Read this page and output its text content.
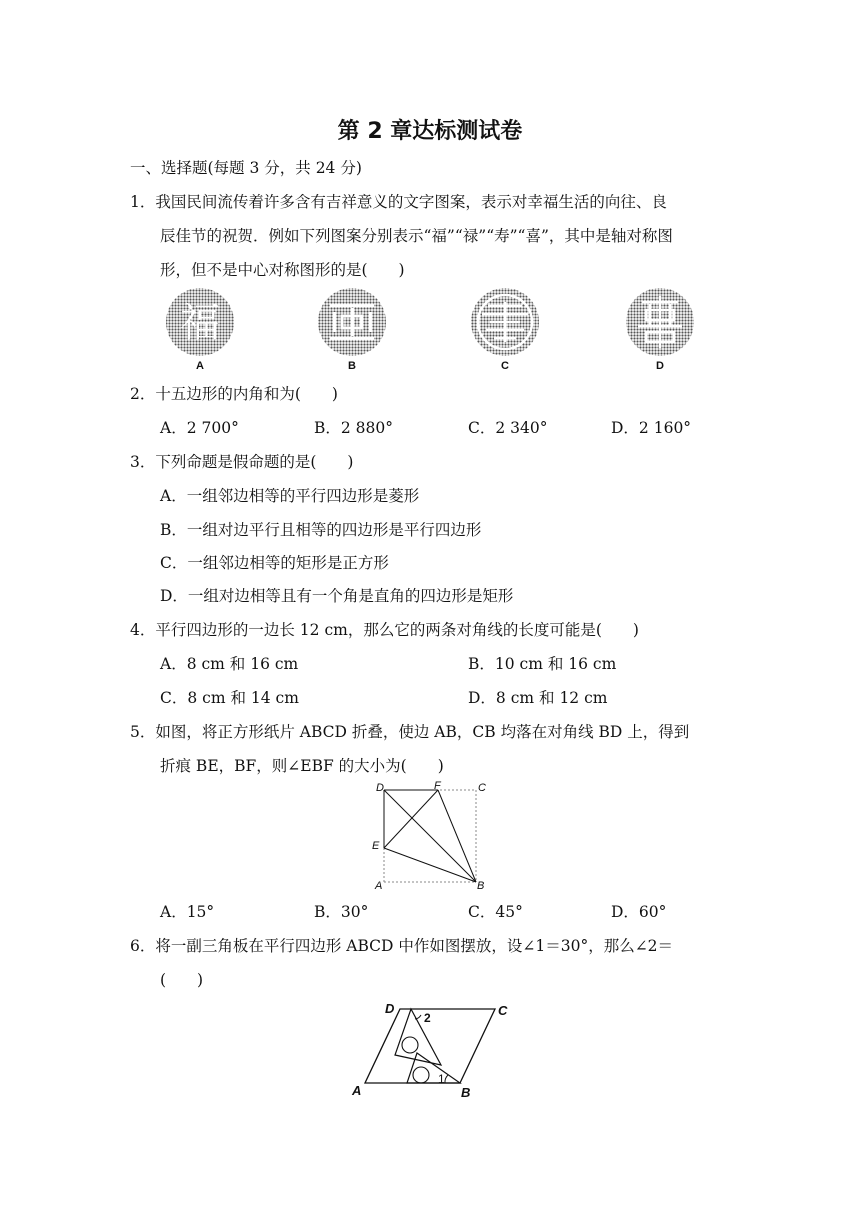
第 2 章达标测试卷
一、选择题(每题 3 分，共 24 分)
1．我国民间流传着许多含有吉祥意义的文字图案，表示对幸福生活的向往、良
辰佳节的祝贺．例如下列图案分别表示“福”“禄”“寿”“喜”，其中是轴对称图
形，但不是中心对称图形的是(　　)
福
A	B	C	D
2．十五边形的内角和为(　　)
A．2 700°	B．2 880°	C．2 340°	D．2 160°
3．下列命题是假命题的是(　　)
A．一组邻边相等的平行四边形是菱形
B．一组对边平行且相等的四边形是平行四边形
C．一组邻边相等的矩形是正方形
D．一组对边相等且有一个角是直角的四边形是矩形
4．平行四边形的一边长 12 cm，那么它的两条对角线的长度可能是(　　)
A．8 cm 和 16 cm	B．10 cm 和 16 cm
C．8 cm 和 14 cm	D．8 cm 和 12 cm
5．如图，将正方形纸片 ABCD 折叠，使边 AB，CB 均落在对角线 BD 上，得到
折痕 BE，BF，则∠EBF 的大小为(　　)
D	F	C
E
A	B
A．15°	B．30°	C．45°	D．60°
6．将一副三角板在平行四边形 ABCD 中作如图摆放，设∠1＝30°，那么∠2＝
(　　)
D	C
A	B
2
1
